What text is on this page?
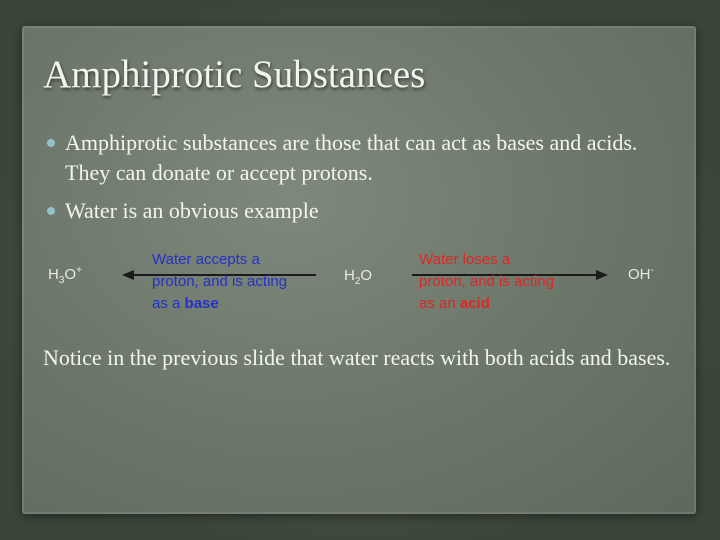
Amphiprotic Substances
Amphiprotic substances are those that can act as bases and acids. They can donate or accept protons.
Water is an obvious example
$H_3O^+$
Water accepts a
proton, and is acting
as a base
$H_2O$
Water loses a
proton, and is acting
as an acid
OH-

Notice in the previous slide that water reacts with both acids and bases.
